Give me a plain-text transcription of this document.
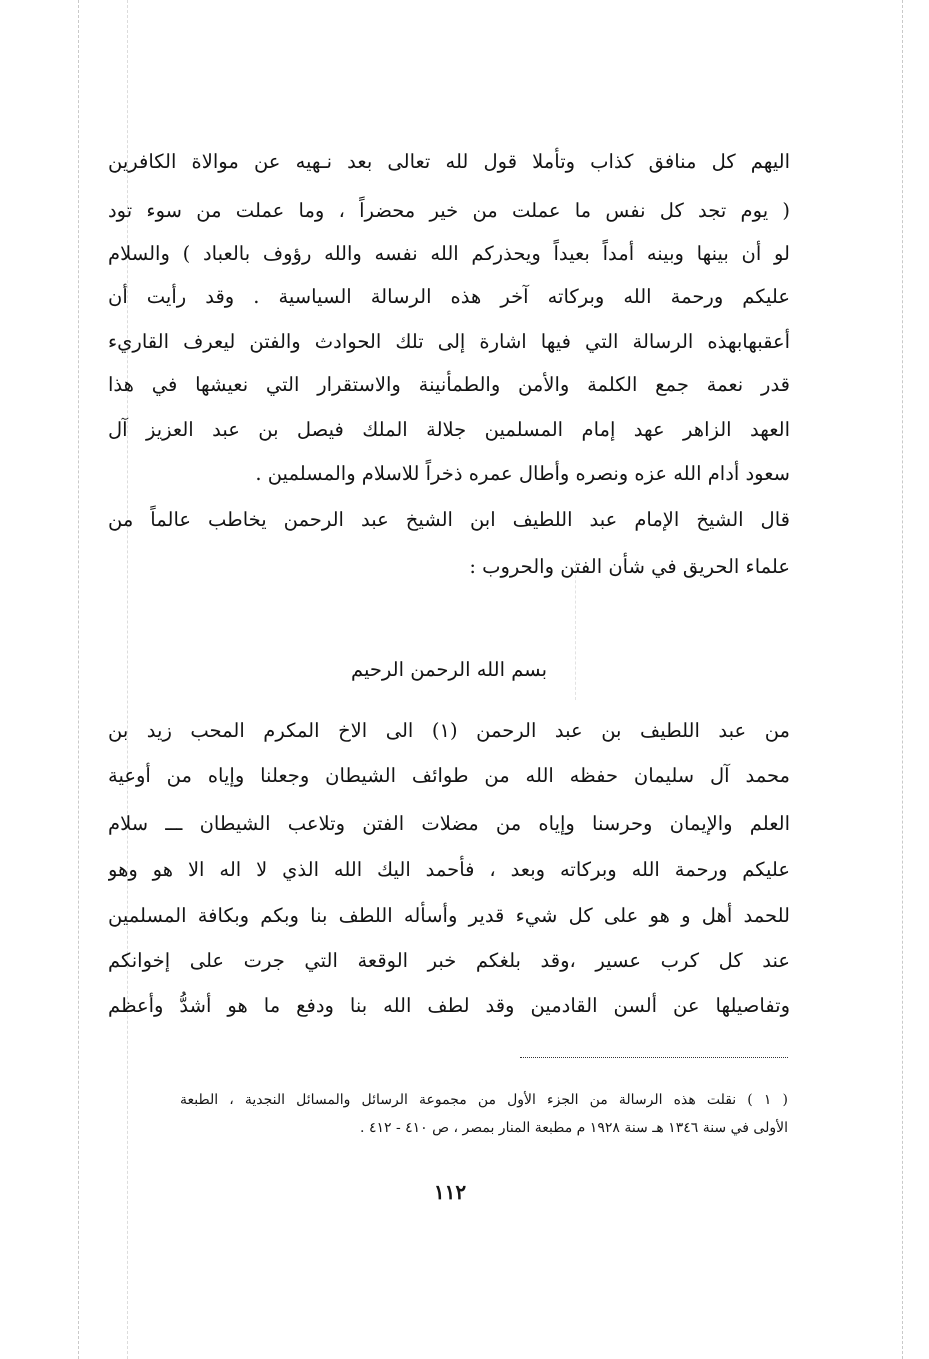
اليهم كل منافق كذاب وتأملا قول لله تعالى بعد نـهيه عن موالاة الكافرين
( يوم تجد كل نفس ما عملت من خير محضراً ، وما عملت من سوء تود
لو أن بينها وبينه أمداً بعيداً ويحذركم الله نفسه والله رؤوف بالعباد ) والسلام
عليكم ورحمة الله وبركاته آخر هذه الرسالة السياسية . وقد رأيت أن
أعقبهابهذه الرسالة التي فيها اشارة إلى تلك الحوادث والفتن ليعرف القاريء
قدر نعمة جمع الكلمة والأمن والطمأنينة والاستقرار التي نعيشها في هذا
العهد الزاهر عهد إمام المسلمين جلالة الملك فيصل بن عبد العزيز آل
سعود أدام الله عزه ونصره وأطال عمره ذخراً للاسلام والمسلمين .
قال الشيخ الإمام عبد اللطيف ابن الشيخ عبد الرحمن يخاطب عالماً من
علماء الحريق في شأن الفتن والحروب :
بسم الله الرحمن الرحيم
من عبد اللطيف بن عبد الرحمن (١) الى الاخ المكرم المحب زيد بن
محمد آل سليمان حفظه الله من طوائف الشيطان وجعلنا وإياه من أوعية
العلم والإيمان وحرسنا وإياه من مضلات الفتن وتلاعب الشيطان ـــ سلام
عليكم ورحمة الله وبركاته وبعد ، فأحمد اليك الله الذي لا اله الا هو وهو
للحمد أهل و هو على كل شيء قدير وأسأله اللطف بنا وبكم وبكافة المسلمين
عند كل كرب عسير ،وقد بلغكم خبر الوقعة التي جرت على إخوانكم
وتفاصيلها عن ألسن القادمين وقد لطف الله بنا ودفع ما هو أشدُّ وأعظم
( ١ ) نقلت هذه الرسالة من الجزء الأول من مجموعة الرسائل والمسائل النجدية ، الطبعة
الأولى في سنة ١٣٤٦ هـ سنة ١٩٢٨ م مطبعة المنار بمصر ، ص ٤١٠ - ٤١٢ .
١١٢
